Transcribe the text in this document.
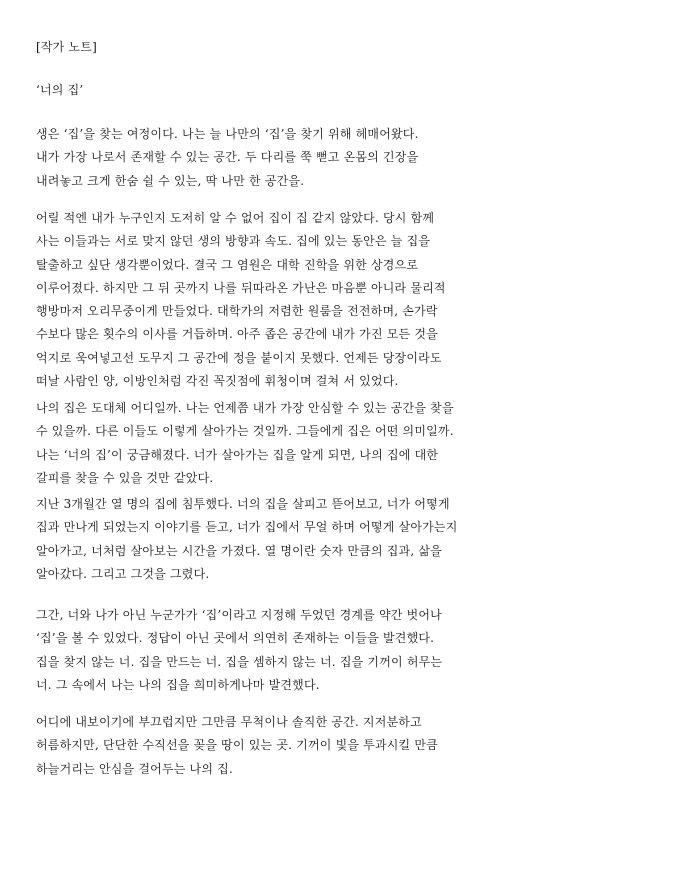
[작가 노트]
‘너의 집’
생은 ‘집’을 찾는 여정이다. 나는 늘 나만의 ‘집’을 찾기 위해 헤매어왔다.
내가 가장 나로서 존재할 수 있는 공간. 두 다리를 쭉 뻗고 온몸의 긴장을
내려놓고 크게 한숨 쉴 수 있는, 딱 나만 한 공간을.
어릴 적엔 내가 누구인지 도저히 알 수 없어 집이 집 같지 않았다. 당시 함께
사는 이들과는 서로 맞지 않던 생의 방향과 속도. 집에 있는 동안은 늘 집을
탈출하고 싶단 생각뿐이었다. 결국 그 염원은 대학 진학을 위한 상경으로
이루어졌다. 하지만 그 뒤 곳까지 나를 뒤따라온 가난은 마음뿐 아니라 물리적
행방마저 오리무중이게 만들었다. 대학가의 저렴한 원룸을 전전하며, 손가락
수보다 많은 횟수의 이사를 거듭하며. 아주 좁은 공간에 내가 가진 모든 것을
억지로 욱여넣고선 도무지 그 공간에 정을 붙이지 못했다. 언제든 당장이라도
떠날 사람인 양, 이방인처럼 각진 꼭짓점에 휘청이며 걸쳐 서 있었다.
나의 집은 도대체 어디일까. 나는 언제쯤 내가 가장 안심할 수 있는 공간을 찾을
수 있을까. 다른 이들도 이렇게 살아가는 것일까. 그들에게 집은 어떤 의미일까.
나는 ‘너의 집’이 궁금해졌다. 너가 살아가는 집을 알게 되면, 나의 집에 대한
갈피를 찾을 수 있을 것만 같았다.
지난 3개월간 열 명의 집에 침투했다. 너의 집을 살피고 뜯어보고, 너가 어떻게
집과 만나게 되었는지 이야기를 듣고, 너가 집에서 무얼 하며 어떻게 살아가는지
알아가고, 너처럼 살아보는 시간을 가졌다. 열 명이란 숫자 만큼의 집과, 삶을
알아갔다. 그리고 그것을 그렸다.
그간, 너와 나가 아닌 누군가가 ‘집’이라고 지정해 두었던 경계를 약간 벗어나
‘집’을 볼 수 있었다. 정답이 아닌 곳에서 의연히 존재하는 이들을 발견했다.
집을 찾지 않는 너. 집을 만드는 너. 집을 셈하지 않는 너. 집을 기꺼이 허무는
너. 그 속에서 나는 나의 집을 희미하게나마 발견했다.
어디에 내보이기에 부끄럽지만 그만큼 무척이나 솔직한 공간. 지저분하고
허름하지만, 단단한 수직선을 꽂을 땅이 있는 곳. 기꺼이 빛을 투과시킬 만큼
하늘거리는 안심을 걸어두는 나의 집.
